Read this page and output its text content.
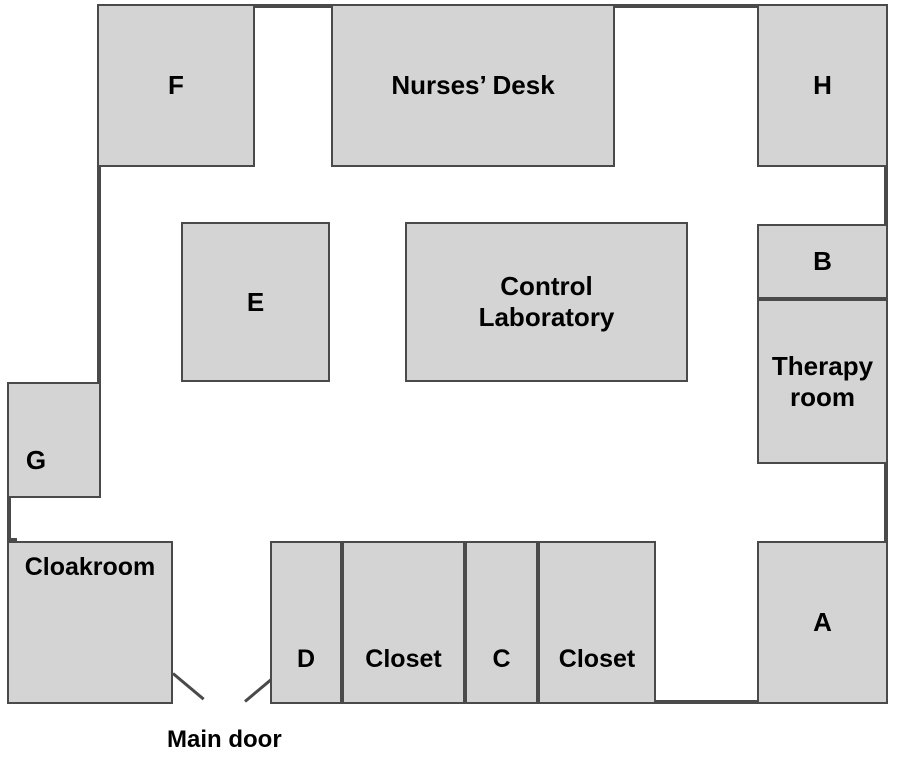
F	Nurses’ Desk	H
E
Control
Laboratory
B
Therapy
room
G
Cloakroom
D Closet C Closet
A
Main door
